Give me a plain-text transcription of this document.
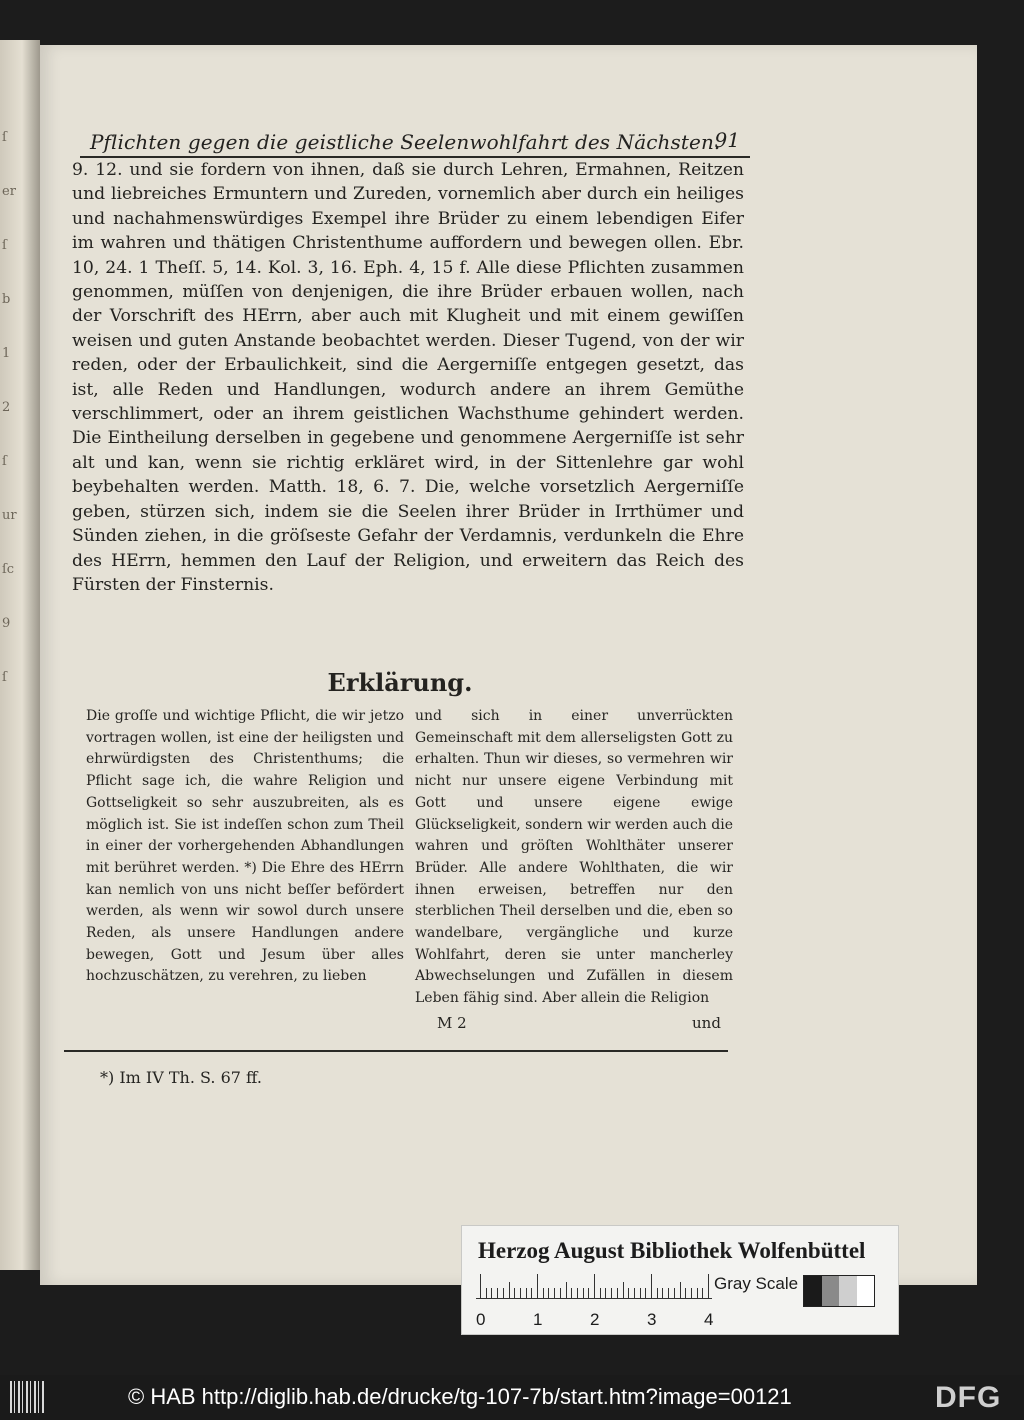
ſ
er
ſ
b
1
2
ſ
ur
ſc
9
ſ
Pflichten gegen die geistliche Seelenwohlfahrt des Nächsten.
91
9. 12. und sie fordern von ihnen, daß sie durch Lehren, Ermahnen, Reitzen und liebreiches Ermuntern und Zureden, vornemlich aber durch ein heiliges und nachahmenswürdiges Exempel ihre Brüder zu einem lebendigen Eifer im wahren und thätigen Christenthume auffordern und bewegen ollen. Ebr. 10, 24. 1 Theſſ. 5, 14. Kol. 3, 16. Eph. 4, 15 f. Alle diese Pflichten zusammen genommen, müſſen von denjenigen, die ihre Brüder erbauen wollen, nach der Vorschrift des HErrn, aber auch mit Klugheit und mit einem gewiſſen weisen und guten Anstande beobachtet werden. Dieser Tugend, von der wir reden, oder der Erbaulichkeit, sind die Aergerniſſe entgegen gesetzt, das ist, alle Reden und Handlungen, wodurch andere an ihrem Gemüthe verschlimmert, oder an ihrem geistlichen Wachsthume gehindert werden. Die Eintheilung derselben in gegebene und genommene Aergerniſſe ist sehr alt und kan, wenn sie richtig erkläret wird, in der Sittenlehre gar wohl beybehalten werden. Matth. 18, 6. 7. Die, welche vorsetzlich Aergerniſſe geben, stürzen sich, indem sie die Seelen ihrer Brüder in Irrthümer und Sünden ziehen, in die gröſseste Gefahr der Verdamnis, verdunkeln die Ehre des HErrn, hemmen den Lauf der Religion, und erweitern das Reich des Fürsten der Finsternis.
Erklärung.
Die groſſe und wichtige Pflicht, die wir jetzo vortragen wollen, ist eine der heiligsten und ehrwürdigsten des Christenthums; die Pflicht sage ich, die wahre Religion und Gottseligkeit so sehr auszubreiten, als es möglich ist. Sie ist indeſſen schon zum Theil in einer der vorhergehenden Abhandlungen mit berühret werden. *) Die Ehre des HErrn kan nemlich von uns nicht beſſer befördert werden, als wenn wir sowol durch unsere Reden, als unsere Handlungen andere bewegen, Gott und Jesum über alles hochzuschätzen, zu verehren, zu lieben
und sich in einer unverrückten Gemeinschaft mit dem allerseligsten Gott zu erhalten. Thun wir dieses, so vermehren wir nicht nur unsere eigene Verbindung mit Gott und unsere eigene ewige Glückseligkeit, sondern wir werden auch die wahren und gröſten Wohlthäter unserer Brüder. Alle andere Wohlthaten, die wir ihnen erweisen, betreffen nur den sterblichen Theil derselben und die, eben so wandelbare, vergängliche und kurze Wohlfahrt, deren sie unter mancherley Abwechselungen und Zufällen in diesem Leben fähig sind. Aber allein die Religion
M 2	und
*) Im IV Th. S. 67 ff.
Herzog August Bibliothek Wolfenbüttel
Gray Scale
0	1	2	3	4
© HAB http://diglib.hab.de/drucke/tg-107-7b/start.htm?image=00121	DFG
